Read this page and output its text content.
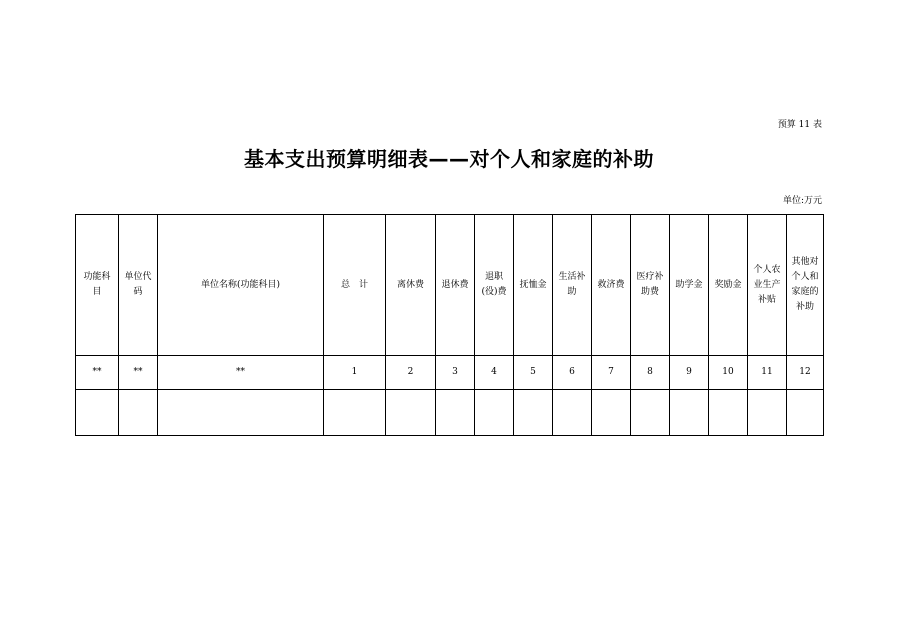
预算 11 表
基本支出预算明细表——对个人和家庭的补助
单位:万元
功能科目	单位代码	单位名称(功能科目)	总　计	离休费	退休费	退职(役)费	抚恤金	生活补助	救济费	医疗补助费	助学金	奖励金	个人农业生产补贴	其他对个人和家庭的补助

**	**	**	1	2	3	4	5	6	7	8	9	10	11	12
